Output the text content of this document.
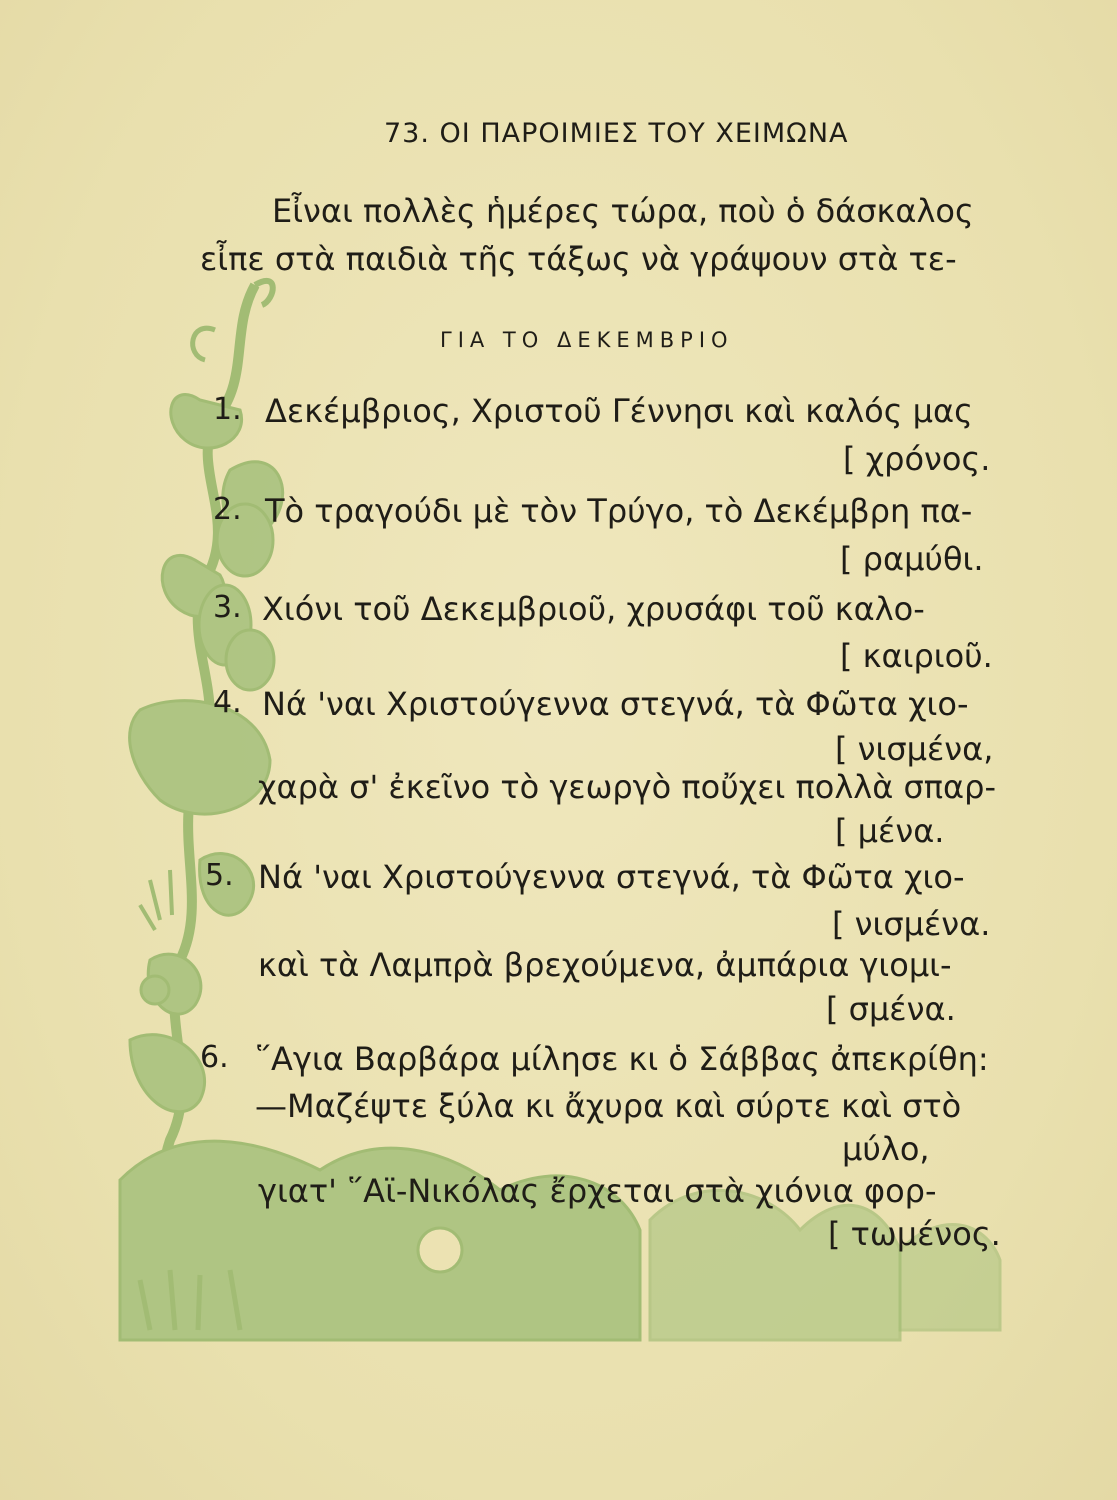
73. ΟΙ ΠΑΡΟΙΜΙΕΣ ΤΟΥ ΧΕΙΜΩΝΑ
Εἶναι πολλὲς ἡμέρες τώρα, ποὺ ὁ δάσκαλος
εἶπε στὰ παιδιὰ τῆς τάξως νὰ γράψουν στὰ τε-
ΓΙΑ ΤΟ ΔΕΚΕΜΒΡΙΟ
1. Δεκέμβριος, Χριστοῦ Γέννησι καὶ καλός μας
[ χρόνος.
2. Τὸ τραγούδι μὲ τὸν Τρύγο, τὸ Δεκέμβρη πα-
[ ραμύθι.
3. Χιόνι τοῦ Δεκεμβριοῦ, χρυσάφι τοῦ καλο-
[ καιριοῦ.
4. Νά 'ναι Χριστούγεννα στεγνά, τὰ Φῶτα χιο-
[ νισμένα,
χαρὰ σ' ἐκεῖνο τὸ γεωργὸ ποὔχει πολλὰ σπαρ-
[ μένα.
5. Νά 'ναι Χριστούγεννα στεγνά, τὰ Φῶτα χιο-
[ νισμένα.
καὶ τὰ Λαμπρὰ βρεχούμενα, ἀμπάρια γιομι-
[ σμένα.
6. ῞Αγια Βαρβάρα μίλησε κι ὁ Σάββας ἀπεκρίθη:
—Μαζέψτε ξύλα κι ἄχυρα καὶ σύρτε καὶ στὸ
μύλο,
γιατ' ῞Αϊ-Νικόλας ἔρχεται στὰ χιόνια φορ-
[ τωμένος.
